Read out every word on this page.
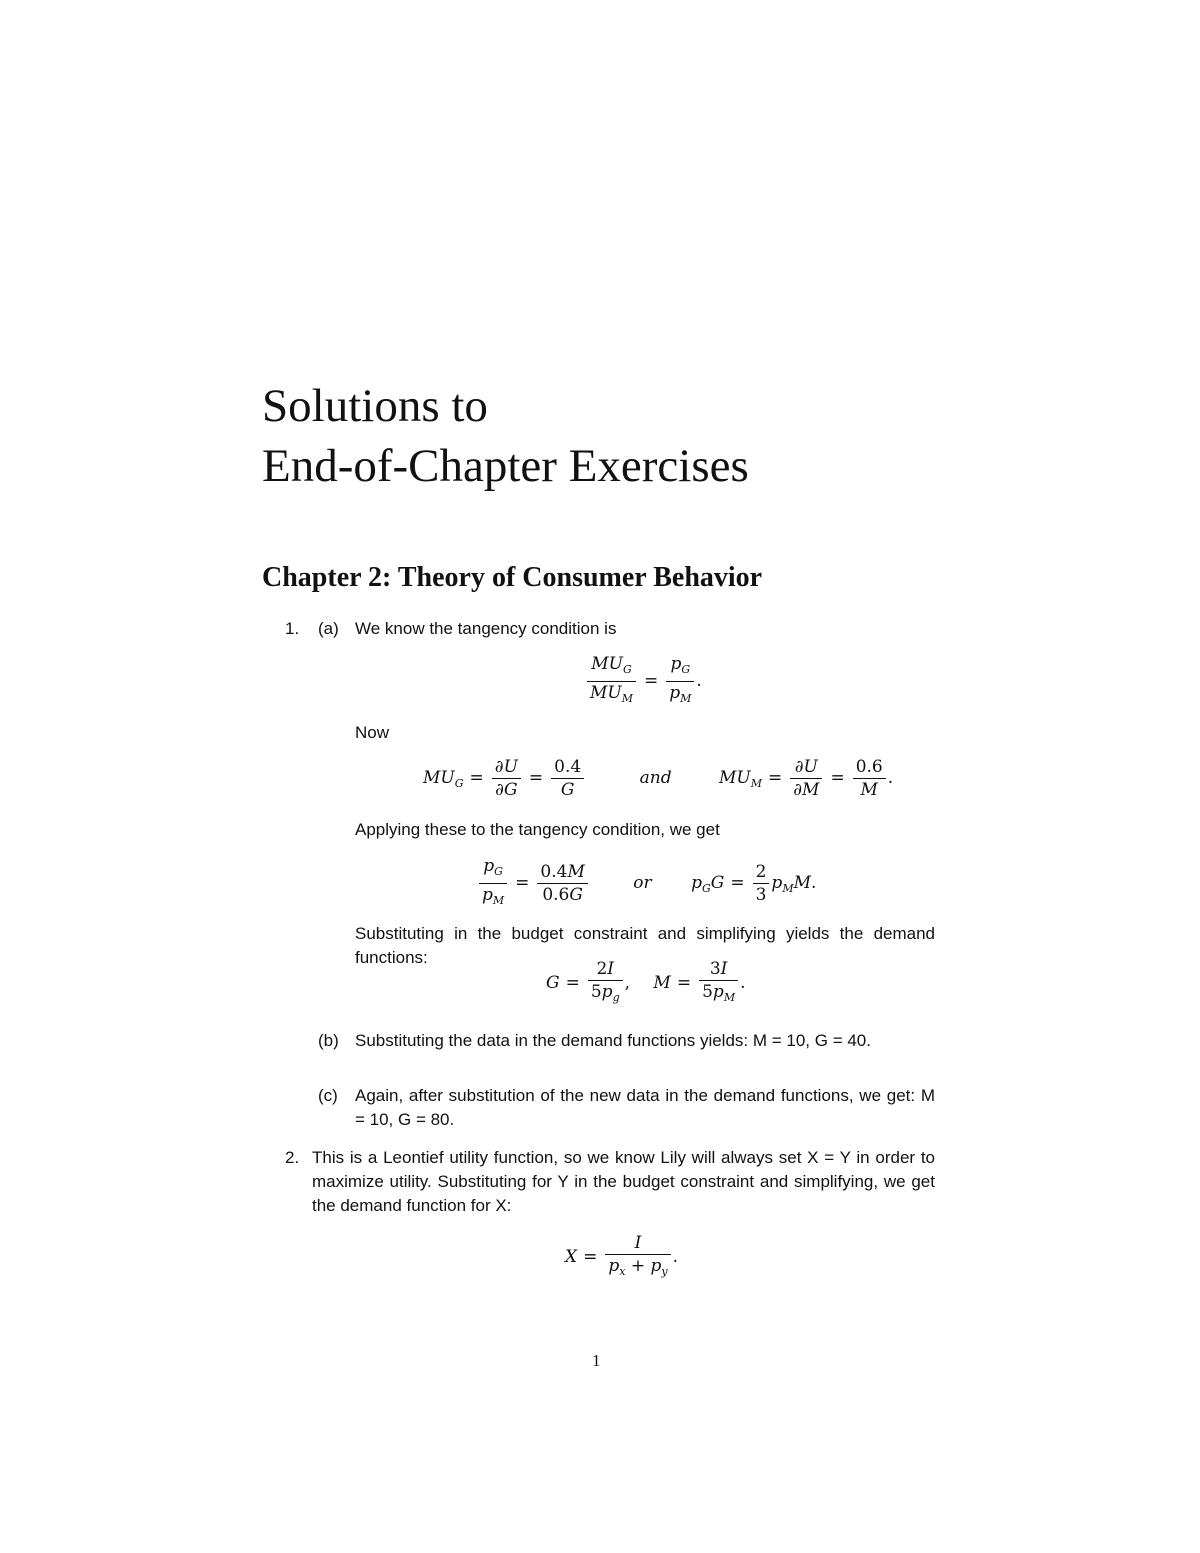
Solutions to
End-of-Chapter Exercises
Chapter 2: Theory of Consumer Behavior
1. (a) We know the tangency condition is
$\frac{MU_G}{MU_M} = \frac{p_G}{p_M}$ .
Now
$MU_G = \frac{\partial U}{\partial G} = \frac{0.4}{G}$	and	$MU_M = \frac{\partial U}{\partial M} = \frac{0.6}{M}$ .
Applying these to the tangency condition, we get
$\frac{p_G}{p_M} = \frac{0.4M}{0.6G}$	or $p_GG = \frac{2}{3} p_MM$.
Substituting in the budget constraint and simplifying yields the demand functions:
$G = \frac{2I}{5p_g}$ , $M = \frac{3I}{5p_M}$ .
(b) Substituting the data in the demand functions yields: M = 10, G = 40.
(c) Again, after substitution of the new data in the demand functions, we get: M = 10, G = 80.
2. This is a Leontief utility function, so we know Lily will always set X = Y in order to maximize utility. Substituting for Y in the budget constraint and simplifying, we get the demand function for X:
$X = \frac{I}{p_x + p_y}$ .
1
